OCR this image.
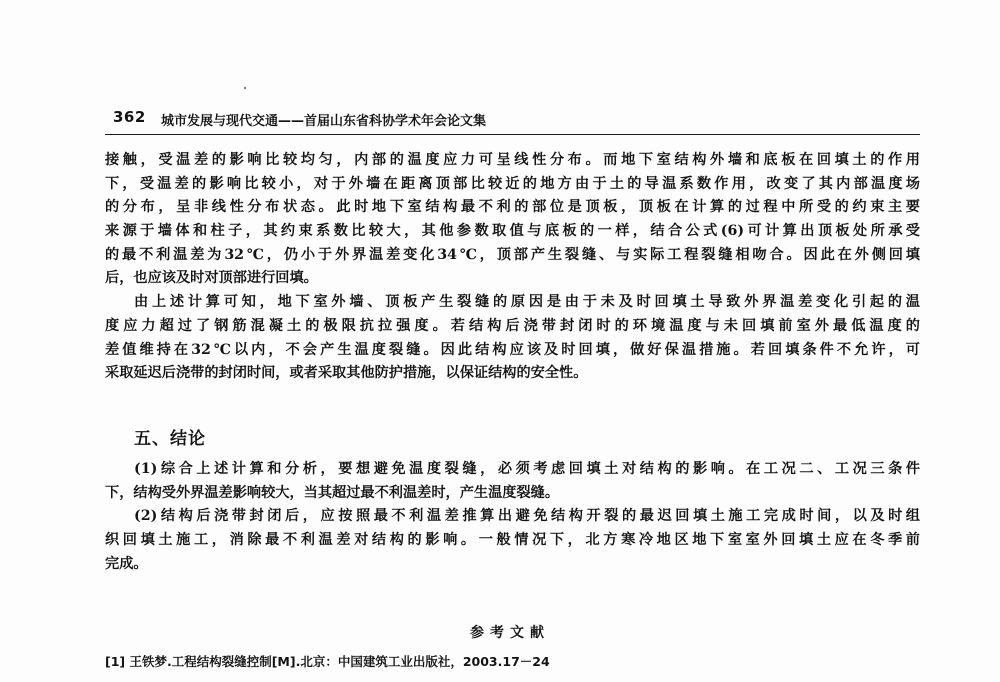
362 城市发展与现代交通——首届山东省科协学术年会论文集
接触，受温差的影响比较均匀，内部的温度应力可呈线性分布。而地下室结构外墙和底板在回填土的作用
下，受温差的影响比较小，对于外墙在距离顶部比较近的地方由于土的导温系数作用，改变了其内部温度场
的分布，呈非线性分布状态。此时地下室结构最不利的部位是顶板，顶板在计算的过程中所受的约束主要
来源于墙体和柱子，其约束系数比较大，其他参数取值与底板的一样，结合公式(6)可计算出顶板处所承受
的最不利温差为32℃，仍小于外界温差变化34℃，顶部产生裂缝、与实际工程裂缝相吻合。因此在外侧回填
后，也应该及时对顶部进行回填。
由上述计算可知，地下室外墙、顶板产生裂缝的原因是由于未及时回填土导致外界温差变化引起的温
度应力超过了钢筋混凝土的极限抗拉强度。若结构后浇带封闭时的环境温度与未回填前室外最低温度的
差值维持在32℃以内，不会产生温度裂缝。因此结构应该及时回填，做好保温措施。若回填条件不允许，可
采取延迟后浇带的封闭时间，或者采取其他防护措施，以保证结构的安全性。
五、结论
(1)综合上述计算和分析，要想避免温度裂缝，必须考虑回填土对结构的影响。在工况二、工况三条件
下，结构受外界温差影响较大，当其超过最不利温差时，产生温度裂缝。
(2)结构后浇带封闭后，应按照最不利温差推算出避免结构开裂的最迟回填土施工完成时间，以及时组
织回填土施工，消除最不利温差对结构的影响。一般情况下，北方寒冷地区地下室室外回填土应在冬季前
完成。
参考文献
[1] 王铁梦.工程结构裂缝控制[M].北京：中国建筑工业出版社，2003.17－24
